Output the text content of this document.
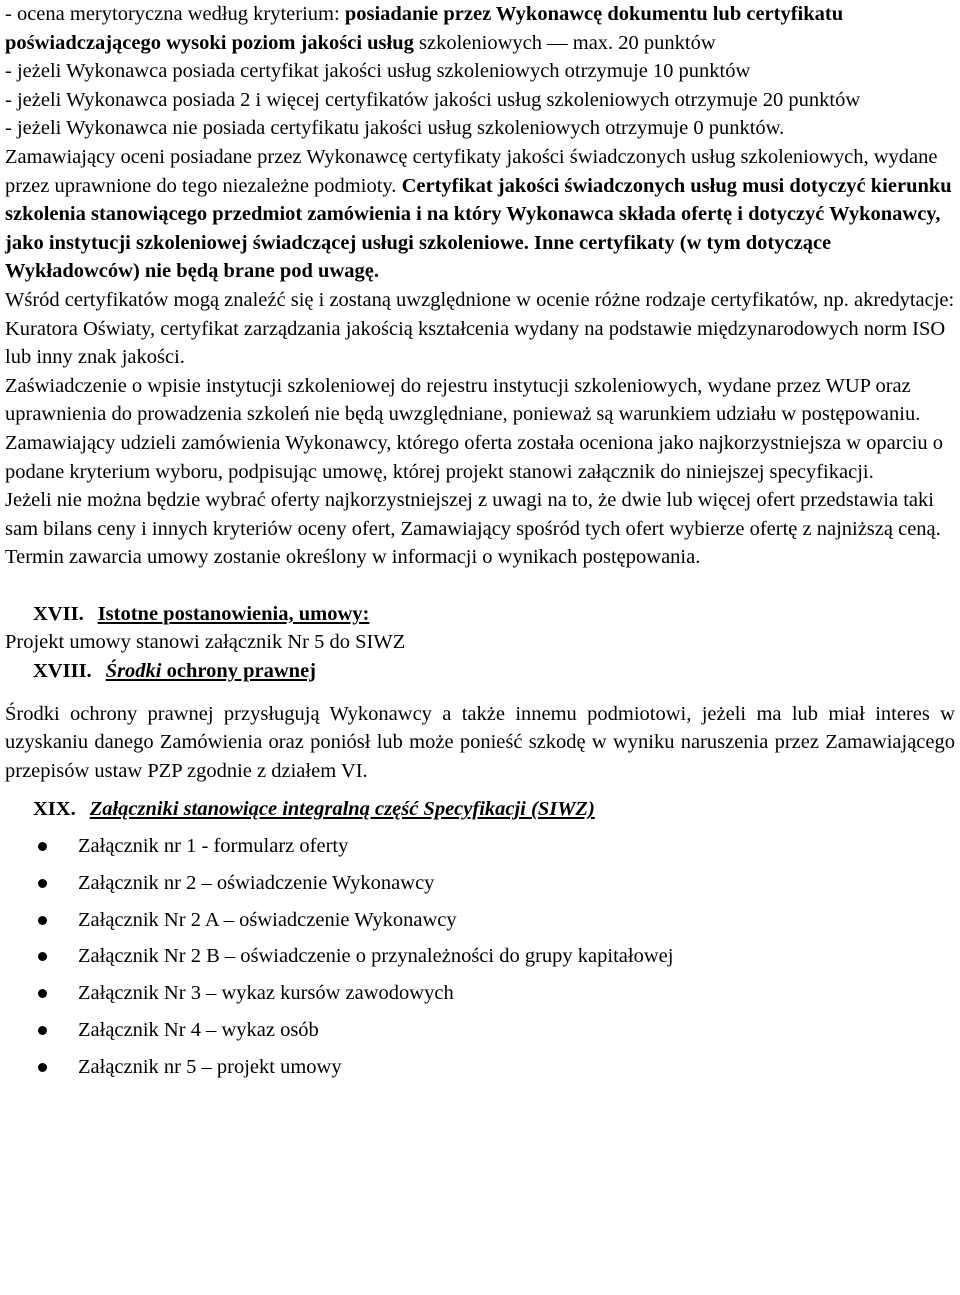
- ocena merytoryczna według kryterium: posiadanie przez Wykonawcę dokumentu lub certyfikatu poświadczającego wysoki poziom jakości usług szkoleniowych — max. 20 punktów

- jeżeli Wykonawca posiada certyfikat jakości usług szkoleniowych otrzymuje 10 punktów

- jeżeli Wykonawca posiada 2 i więcej certyfikatów jakości usług szkoleniowych otrzymuje 20 punktów

- jeżeli Wykonawca nie posiada certyfikatu jakości usług szkoleniowych otrzymuje 0 punktów.

Zamawiający oceni posiadane przez Wykonawcę certyfikaty jakości świadczonych usług szkoleniowych, wydane przez uprawnione do tego niezależne podmioty. Certyfikat jakości świadczonych usług musi dotyczyć kierunku szkolenia stanowiącego przedmiot zamówienia i na który Wykonawca składa ofertę i dotyczyć Wykonawcy, jako instytucji szkoleniowej świadczącej usługi szkoleniowe. Inne certyfikaty (w tym dotyczące Wykładowców) nie będą brane pod uwagę.

Wśród certyfikatów mogą znaleźć się i zostaną uwzględnione w ocenie różne rodzaje certyfikatów, np. akredytacje: Kuratora Oświaty, certyfikat zarządzania jakością kształcenia wydany na podstawie międzynarodowych norm ISO lub inny znak jakości.

Zaświadczenie o wpisie instytucji szkoleniowej do rejestru instytucji szkoleniowych, wydane przez WUP oraz uprawnienia do prowadzenia szkoleń nie będą uwzględniane, ponieważ są warunkiem udziału w postępowaniu.

Zamawiający udzieli zamówienia Wykonawcy, którego oferta została oceniona jako najkorzystniejsza w oparciu o podane kryterium wyboru, podpisując umowę, której projekt stanowi załącznik do niniejszej specyfikacji.

Jeżeli nie można będzie wybrać oferty najkorzystniejszej z uwagi na to, że dwie lub więcej ofert przedstawia taki sam bilans ceny i innych kryteriów oceny ofert, Zamawiający spośród tych ofert wybierze ofertę z najniższą ceną.

Termin zawarcia umowy zostanie określony w informacji o wynikach postępowania.

XVII. Istotne postanowienia, umowy:

Projekt umowy stanowi załącznik Nr 5 do SIWZ

XVIII. Środki ochrony prawnej

Środki ochrony prawnej przysługują Wykonawcy a także innemu podmiotowi, jeżeli ma lub miał interes w uzyskaniu danego Zamówienia oraz poniósł lub może ponieść szkodę w wyniku naruszenia przez Zamawiającego przepisów ustaw PZP zgodnie z działem VI.

XIX. Załączniki stanowiące integralną część Specyfikacji (SIWZ)
Załącznik nr 1 - formularz oferty
Załącznik nr 2 – oświadczenie Wykonawcy
Załącznik Nr 2 A – oświadczenie Wykonawcy
Załącznik Nr 2 B – oświadczenie o przynależności do grupy kapitałowej
Załącznik Nr 3 – wykaz kursów zawodowych
Załącznik Nr 4 – wykaz osób
Załącznik nr 5 – projekt umowy
